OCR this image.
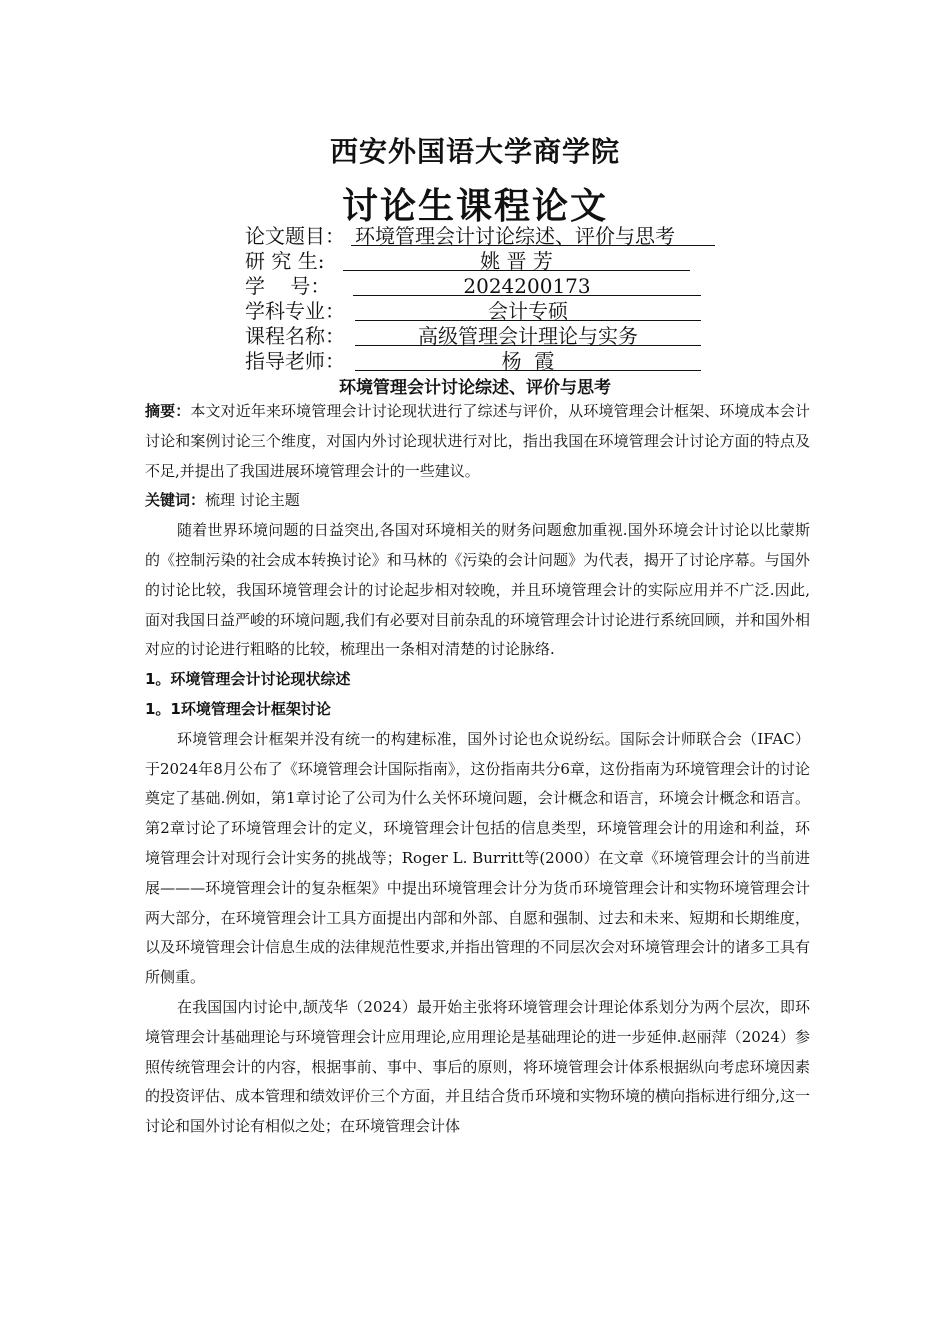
西安外国语大学商学院
讨论生课程论文
论文题目： 环境管理会计讨论综述、评价与思考
研 究 生:	姚 晋 芳
学    号：	2024200173
学科专业：	会计专硕
课程名称：	高级管理会计理论与实务
指导老师：	杨  霞
环境管理会计讨论综述、评价与思考

摘要：本文对近年来环境管理会计讨论现状进行了综述与评价，从环境管理会计框架、环境成本会计讨论和案例讨论三个维度，对国内外讨论现状进行对比，指出我国在环境管理会计讨论方面的特点及不足,并提出了我国进展环境管理会计的一些建议。

关键词：梳理 讨论主题

随着世界环境问题的日益突出,各国对环境相关的财务问题愈加重视.国外环境会计讨论以比蒙斯的《控制污染的社会成本转换讨论》和马林的《污染的会计问题》为代表，揭开了讨论序幕。与国外的讨论比较，我国环境管理会计的讨论起步相对较晚，并且环境管理会计的实际应用并不广泛.因此,面对我国日益严峻的环境问题,我们有必要对目前杂乱的环境管理会计讨论进行系统回顾，并和国外相对应的讨论进行粗略的比较，梳理出一条相对清楚的讨论脉络.

1。环境管理会计讨论现状综述

1。1环境管理会计框架讨论

环境管理会计框架并没有统一的构建标准，国外讨论也众说纷纭。国际会计师联合会（IFAC）于2024年8月公布了《环境管理会计国际指南》，这份指南共分6章，这份指南为环境管理会计的讨论奠定了基础.例如，第1章讨论了公司为什么关怀环境问题，会计概念和语言，环境会计概念和语言。第2章讨论了环境管理会计的定义，环境管理会计包括的信息类型，环境管理会计的用途和利益，环境管理会计对现行会计实务的挑战等；Roger L. Burritt等(2000）在文章《环境管理会计的当前进展———环境管理会计的复杂框架》中提出环境管理会计分为货币环境管理会计和实物环境管理会计两大部分，在环境管理会计工具方面提出内部和外部、自愿和强制、过去和未来、短期和长期维度，以及环境管理会计信息生成的法律规范性要求,并指出管理的不同层次会对环境管理会计的诸多工具有所侧重。

在我国国内讨论中,颉茂华（2024）最开始主张将环境管理会计理论体系划分为两个层次，即环境管理会计基础理论与环境管理会计应用理论,应用理论是基础理论的进一步延伸.赵丽萍（2024）参照传统管理会计的内容，根据事前、事中、事后的原则，将环境管理会计体系根据纵向考虑环境因素的投资评估、成本管理和绩效评价三个方面，并且结合货币环境和实物环境的横向指标进行细分,这一讨论和国外讨论有相似之处；在环境管理会计体
